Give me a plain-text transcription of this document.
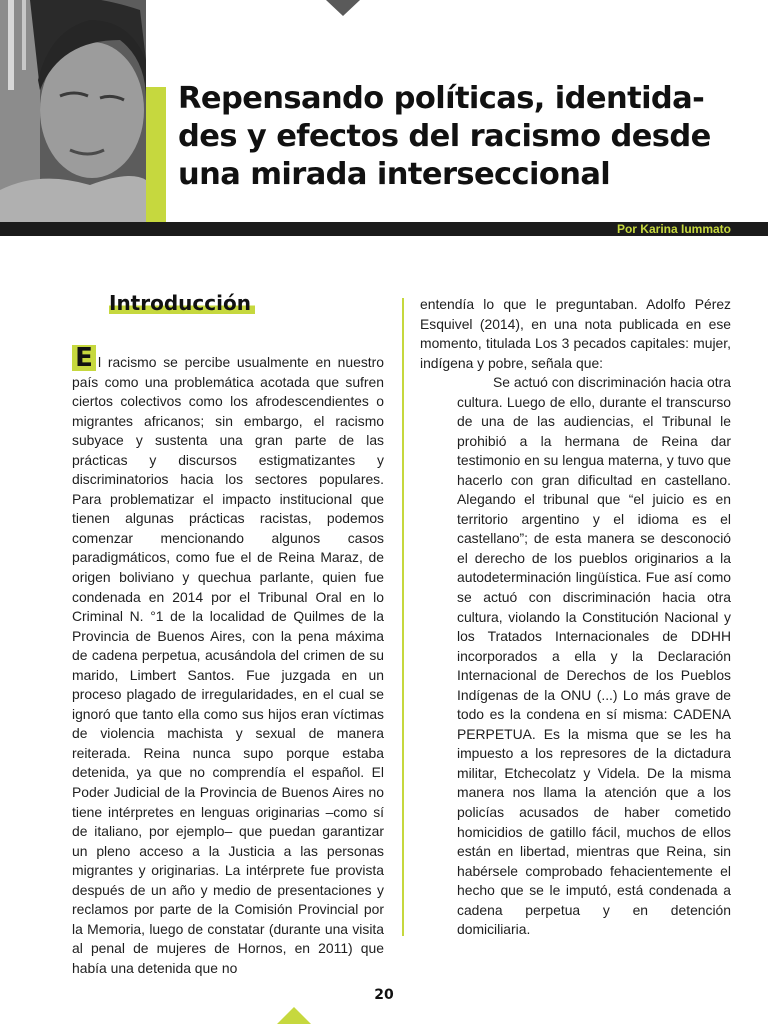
Repensando políticas, identida-
des y efectos del racismo desde
una mirada interseccional
Por Karina Iummato
Introducción

E l racismo se percibe usualmente en nuestro país como una problemática acotada que sufren ciertos colectivos como los afrodescendientes o migrantes africanos; sin embargo, el racismo subyace y sustenta una gran parte de las prácticas y discursos estigmatizantes y discriminatorios hacia los sectores populares. Para problematizar el impacto institucional que tienen algunas prácticas racistas, podemos comenzar mencionando algunos casos paradigmáticos, como fue el de Reina Maraz, de origen boliviano y quechua parlante, quien fue condenada en 2014 por el Tribunal Oral en lo Criminal N. °1 de la localidad de Quilmes de la Provincia de Buenos Aires, con la pena máxima de cadena perpetua, acusándola del crimen de su marido, Limbert Santos. Fue juzgada en un proceso plagado de irregularidades, en el cual se ignoró que tanto ella como sus hijos eran víctimas de violencia machista y sexual de manera reiterada. Reina nunca supo porque estaba detenida, ya que no comprendía el español. El Poder Judicial de la Provincia de Buenos Aires no tiene intérpretes en lenguas originarias –como sí de italiano, por ejemplo– que puedan garantizar un pleno acceso a la Justicia a las personas migrantes y originarias. La intérprete fue provista después de un año y medio de presentaciones y reclamos por parte de la Comisión Provincial por la Memoria, luego de constatar (durante una visita al penal de mujeres de Hornos, en 2011) que había una detenida que no

entendía lo que le preguntaban. Adolfo Pérez Esquivel (2014), en una nota publicada en ese momento, titulada Los 3 pecados capitales: mujer, indígena y pobre, señala que:

Se actuó con discriminación hacia otra cultura. Luego de ello, durante el transcurso de una de las audiencias, el Tribunal le prohibió a la hermana de Reina dar testimonio en su lengua materna, y tuvo que hacerlo con gran dificultad en castellano. Alegando el tribunal que “el juicio es en territorio argentino y el idioma es el castellano”; de esta manera se desconoció el derecho de los pueblos originarios a la autodeterminación lingüística. Fue así como se actuó con discriminación hacia otra cultura, violando la Constitución Nacional y los Tratados Internacionales de DDHH incorporados a ella y la Declaración Internacional de Derechos de los Pueblos Indígenas de la ONU (...) Lo más grave de todo es la condena en sí misma: CADENA PERPETUA. Es la misma que se les ha impuesto a los represores de la dictadura militar, Etchecolatz y Videla. De la misma manera nos llama la atención que a los policías acusados de haber cometido homicidios de gatillo fácil, muchos de ellos están en libertad, mientras que Reina, sin habérsele comprobado fehacientemente el hecho que se le imputó, está condenada a cadena perpetua y en detención domiciliaria.

20
